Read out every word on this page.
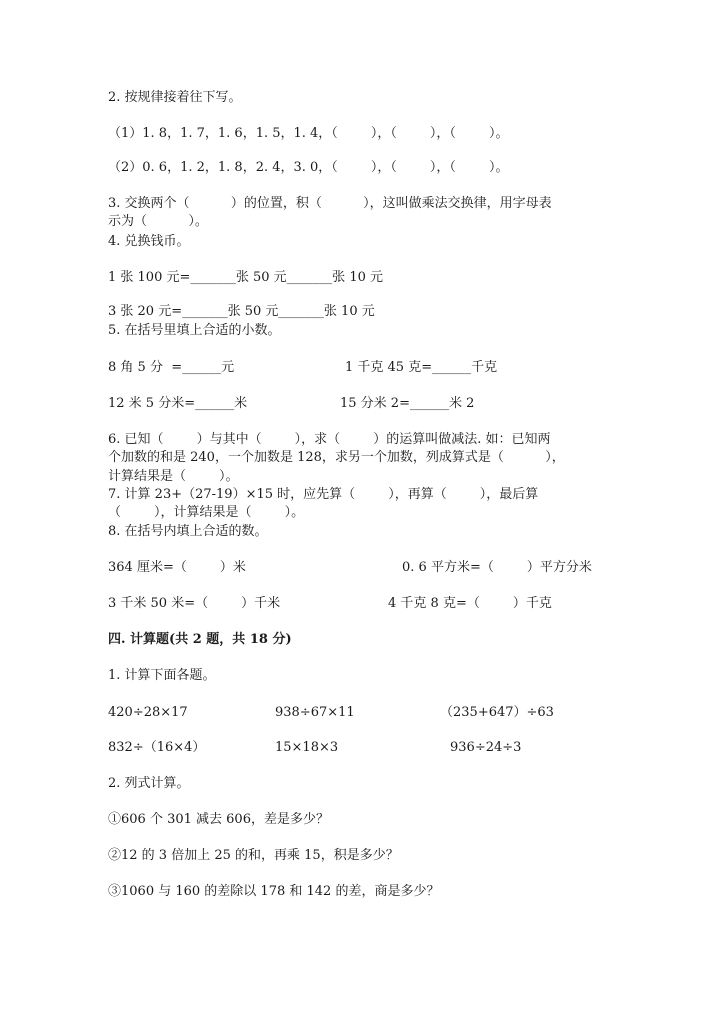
2. 按规律接着往下写。
（1）1. 8，1. 7，1. 6，1. 5，1. 4，（        ），（        ），（        ）。
（2）0. 6，1. 2，1. 8，2. 4，3. 0，（        ），（        ），（        ）。
3. 交换两个（          ）的位置，积（          ），这叫做乘法交换律，用字母表
示为（          ）。
4. 兑换钱币。
1 张 100 元=_______张 50 元_______张 10 元
3 张 20 元=_______张 50 元_______张 10 元
5. 在括号里填上合适的小数。
8 角 5 分  =______元	1 千克 45 克=______千克
12 米 5 分米=______米	15 分米 2=______米 2
6. 已知（        ）与其中（        ），求（        ）的运算叫做减法. 如：已知两
个加数的和是 240，一个加数是 128，求另一个加数，列成算式是（          ），
计算结果是（        ）。
7. 计算 23+（27-19）×15 时，应先算（        ），再算（        ），最后算
（        ），计算结果是（        ）。
8. 在括号内填上合适的数。
364 厘米=（        ）米	0. 6 平方米=（        ）平方分米
3 千米 50 米=（        ）千米	4 千克 8 克=（        ）千克
四. 计算题(共 2 题，共 18 分)
1. 计算下面各题。
420÷28×17	938÷67×11	（235+647）÷63
832÷（16×4）	15×18×3	936÷24÷3
2. 列式计算。
①606 个 301 减去 606，差是多少？
②12 的 3 倍加上 25 的和，再乘 15，积是多少？
③1060 与 160 的差除以 178 和 142 的差，商是多少？
